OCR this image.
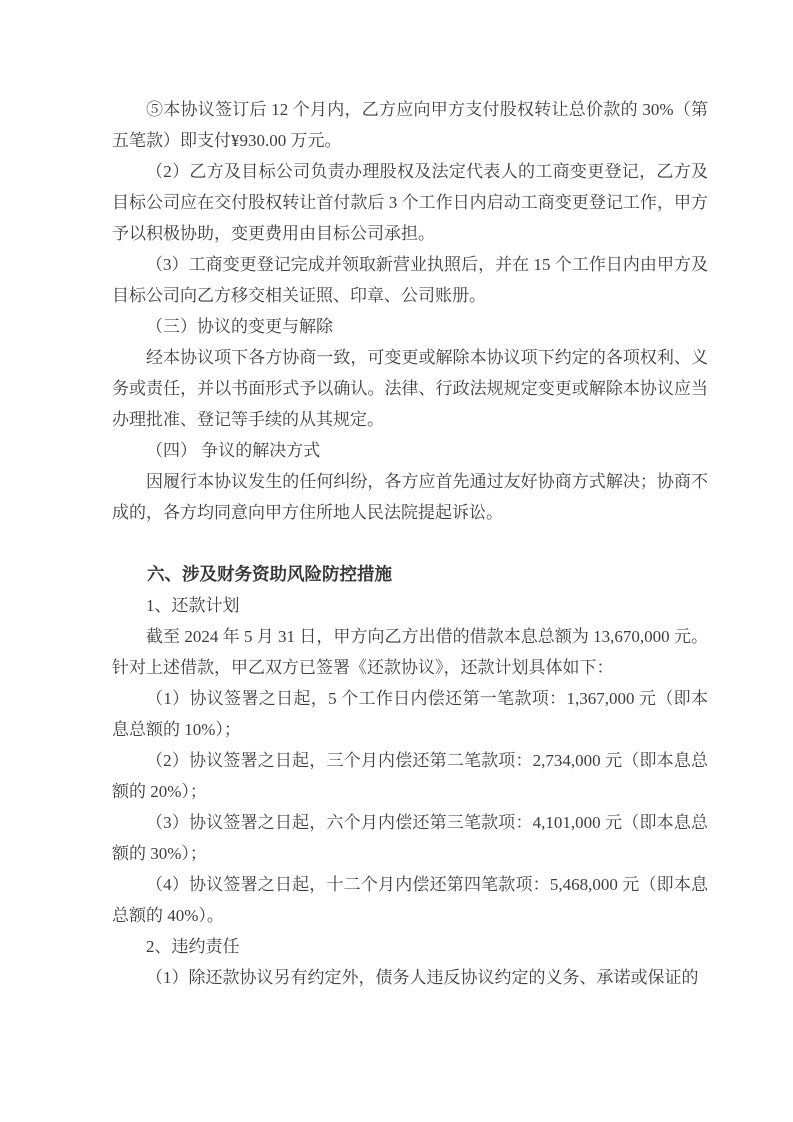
⑤本协议签订后 12 个月内，乙方应向甲方支付股权转让总价款的 30%（第五笔款）即支付¥930.00 万元。

（2）乙方及目标公司负责办理股权及法定代表人的工商变更登记，乙方及目标公司应在交付股权转让首付款后 3 个工作日内启动工商变更登记工作，甲方予以积极协助，变更费用由目标公司承担。

（3）工商变更登记完成并领取新营业执照后，并在 15 个工作日内由甲方及目标公司向乙方移交相关证照、印章、公司账册。

（三）协议的变更与解除

经本协议项下各方协商一致，可变更或解除本协议项下约定的各项权利、义务或责任，并以书面形式予以确认。法律、行政法规规定变更或解除本协议应当办理批准、登记等手续的从其规定。

（四） 争议的解决方式

因履行本协议发生的任何纠纷，各方应首先通过友好协商方式解决；协商不成的，各方均同意向甲方住所地人民法院提起诉讼。

六、涉及财务资助风险防控措施

1、还款计划

截至 2024 年 5 月 31 日，甲方向乙方出借的借款本息总额为 13,670,000 元。针对上述借款，甲乙双方已签署《还款协议》，还款计划具体如下：

（1）协议签署之日起，5 个工作日内偿还第一笔款项：1,367,000 元（即本息总额的 10%）；

（2）协议签署之日起，三个月内偿还第二笔款项：2,734,000 元（即本息总额的 20%）；

（3）协议签署之日起，六个月内偿还第三笔款项：4,101,000 元（即本息总额的 30%）；

（4）协议签署之日起，十二个月内偿还第四笔款项：5,468,000 元（即本息总额的 40%）。

2、违约责任

（1）除还款协议另有约定外，债务人违反协议约定的义务、承诺或保证的
